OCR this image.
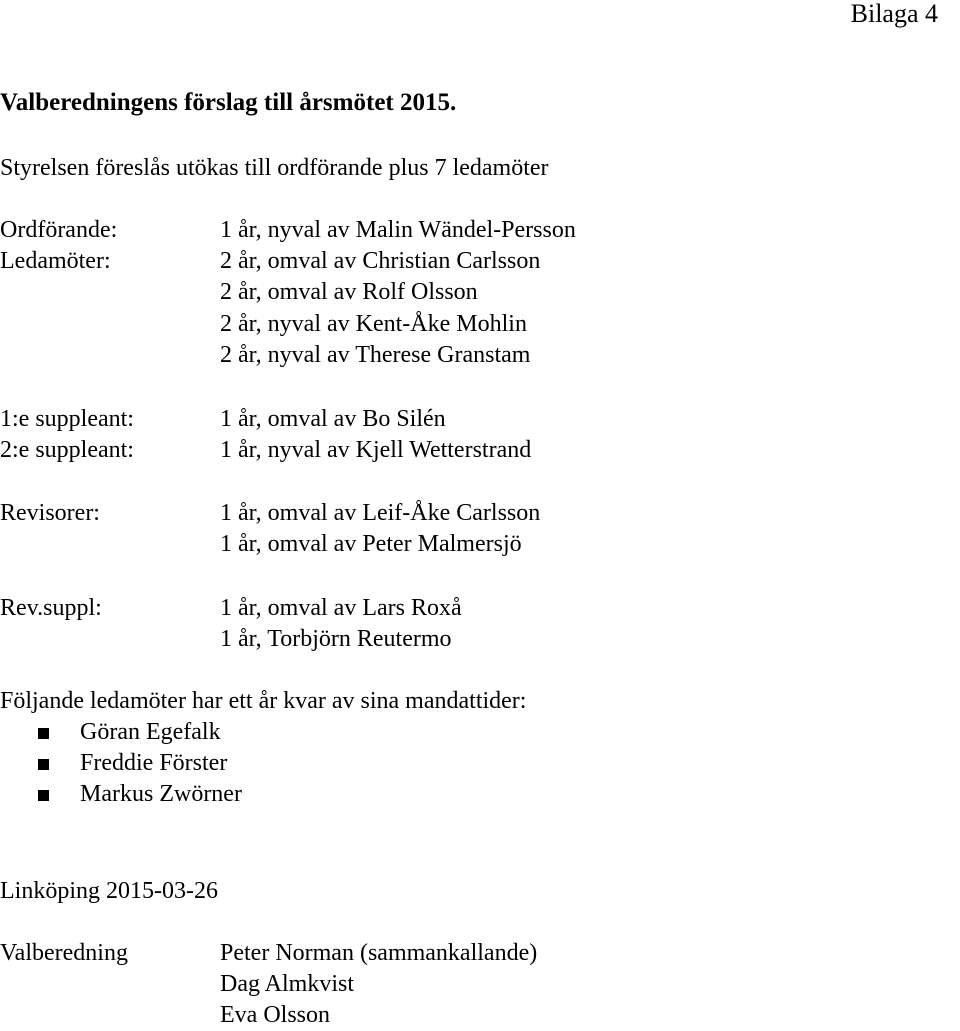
Bilaga 4
Valberedningens förslag till årsmötet 2015.
Styrelsen föreslås utökas till ordförande plus 7 ledamöter
Ordförande:	1 år, nyval av Malin Wändel-Persson
Ledamöter:	2 år, omval av Christian Carlsson
2 år, omval av Rolf Olsson
2 år, nyval av Kent-Åke Mohlin
2 år, nyval av Therese Granstam
1:e suppleant:	1 år, omval av Bo Silén
2:e suppleant:	1 år, nyval av Kjell Wetterstrand
Revisorer:	1 år, omval av Leif-Åke Carlsson
1 år, omval av Peter Malmersjö
Rev.suppl:	1 år, omval av Lars Roxå
1 år, Torbjörn Reutermo
Följande ledamöter har ett år kvar av sina mandattider:
Göran Egefalk
Freddie Förster
Markus Zwörner
Linköping 2015-03-26
Valberedning	Peter Norman (sammankallande)
Dag Almkvist
Eva Olsson
